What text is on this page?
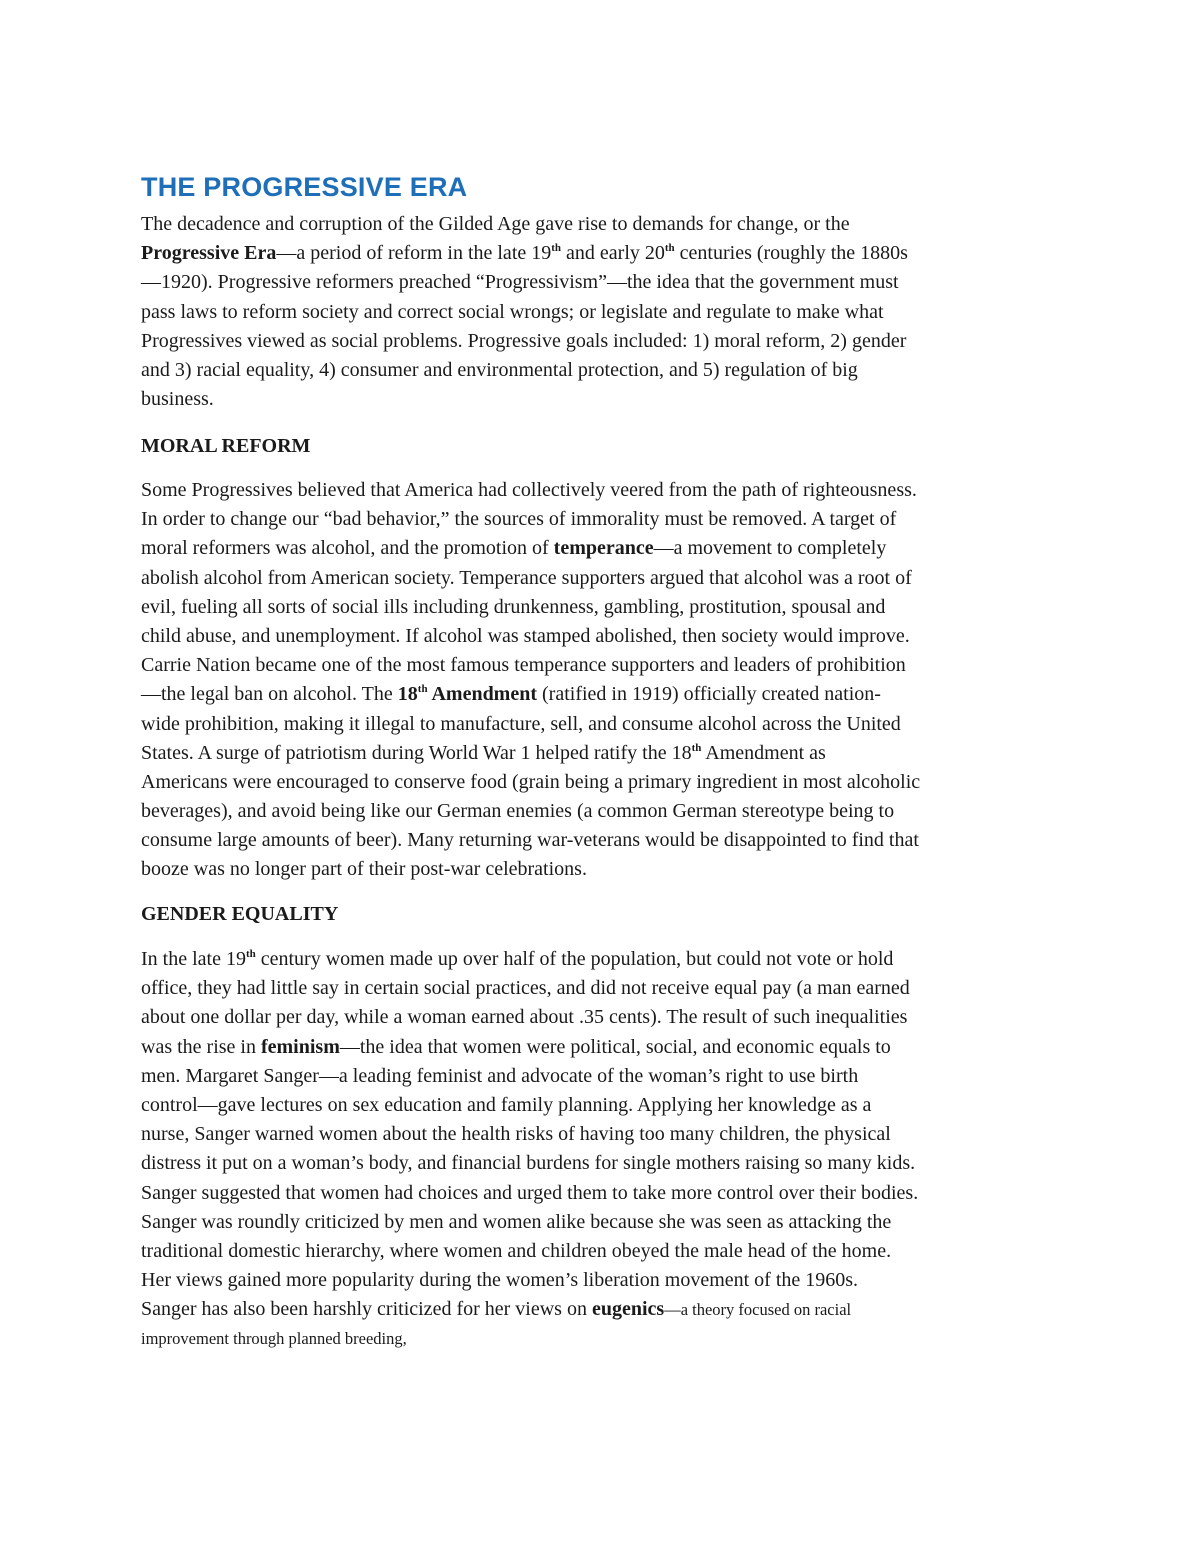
THE PROGRESSIVE ERA
The decadence and corruption of the Gilded Age gave rise to demands for change, or the
Progressive Era—a period of reform in the late 19th and early 20th centuries (roughly the 1880s
—1920). Progressive reformers preached “Progressivism”—the idea that the government must
pass laws to reform society and correct social wrongs; or legislate and regulate to make what
Progressives viewed as social problems. Progressive goals included: 1) moral reform, 2) gender
and 3) racial equality, 4) consumer and environmental protection, and 5) regulation of big
business.
MORAL REFORM
Some Progressives believed that America had collectively veered from the path of righteousness.
In order to change our “bad behavior,” the sources of immorality must be removed. A target of
moral reformers was alcohol, and the promotion of temperance—a movement to completely
abolish alcohol from American society. Temperance supporters argued that alcohol was a root of
evil, fueling all sorts of social ills including drunkenness, gambling, prostitution, spousal and
child abuse, and unemployment. If alcohol was stamped abolished, then society would improve.
Carrie Nation became one of the most famous temperance supporters and leaders of prohibition
—the legal ban on alcohol. The 18th Amendment (ratified in 1919) officially created nation-
wide prohibition, making it illegal to manufacture, sell, and consume alcohol across the United
States. A surge of patriotism during World War 1 helped ratify the 18th Amendment as
Americans were encouraged to conserve food (grain being a primary ingredient in most alcoholic
beverages), and avoid being like our German enemies (a common German stereotype being to
consume large amounts of beer). Many returning war-veterans would be disappointed to find that
booze was no longer part of their post-war celebrations.
GENDER EQUALITY
In the late 19th century women made up over half of the population, but could not vote or hold
office, they had little say in certain social practices, and did not receive equal pay (a man earned
about one dollar per day, while a woman earned about .35 cents). The result of such inequalities
was the rise in feminism—the idea that women were political, social, and economic equals to
men. Margaret Sanger—a leading feminist and advocate of the woman’s right to use birth
control—gave lectures on sex education and family planning. Applying her knowledge as a
nurse, Sanger warned women about the health risks of having too many children, the physical
distress it put on a woman’s body, and financial burdens for single mothers raising so many kids.
Sanger suggested that women had choices and urged them to take more control over their bodies.
Sanger was roundly criticized by men and women alike because she was seen as attacking the
traditional domestic hierarchy, where women and children obeyed the male head of the home.
Her views gained more popularity during the women’s liberation movement of the 1960s.
Sanger has also been harshly criticized for her views on eugenics—a theory focused on racial
improvement through planned breeding,
